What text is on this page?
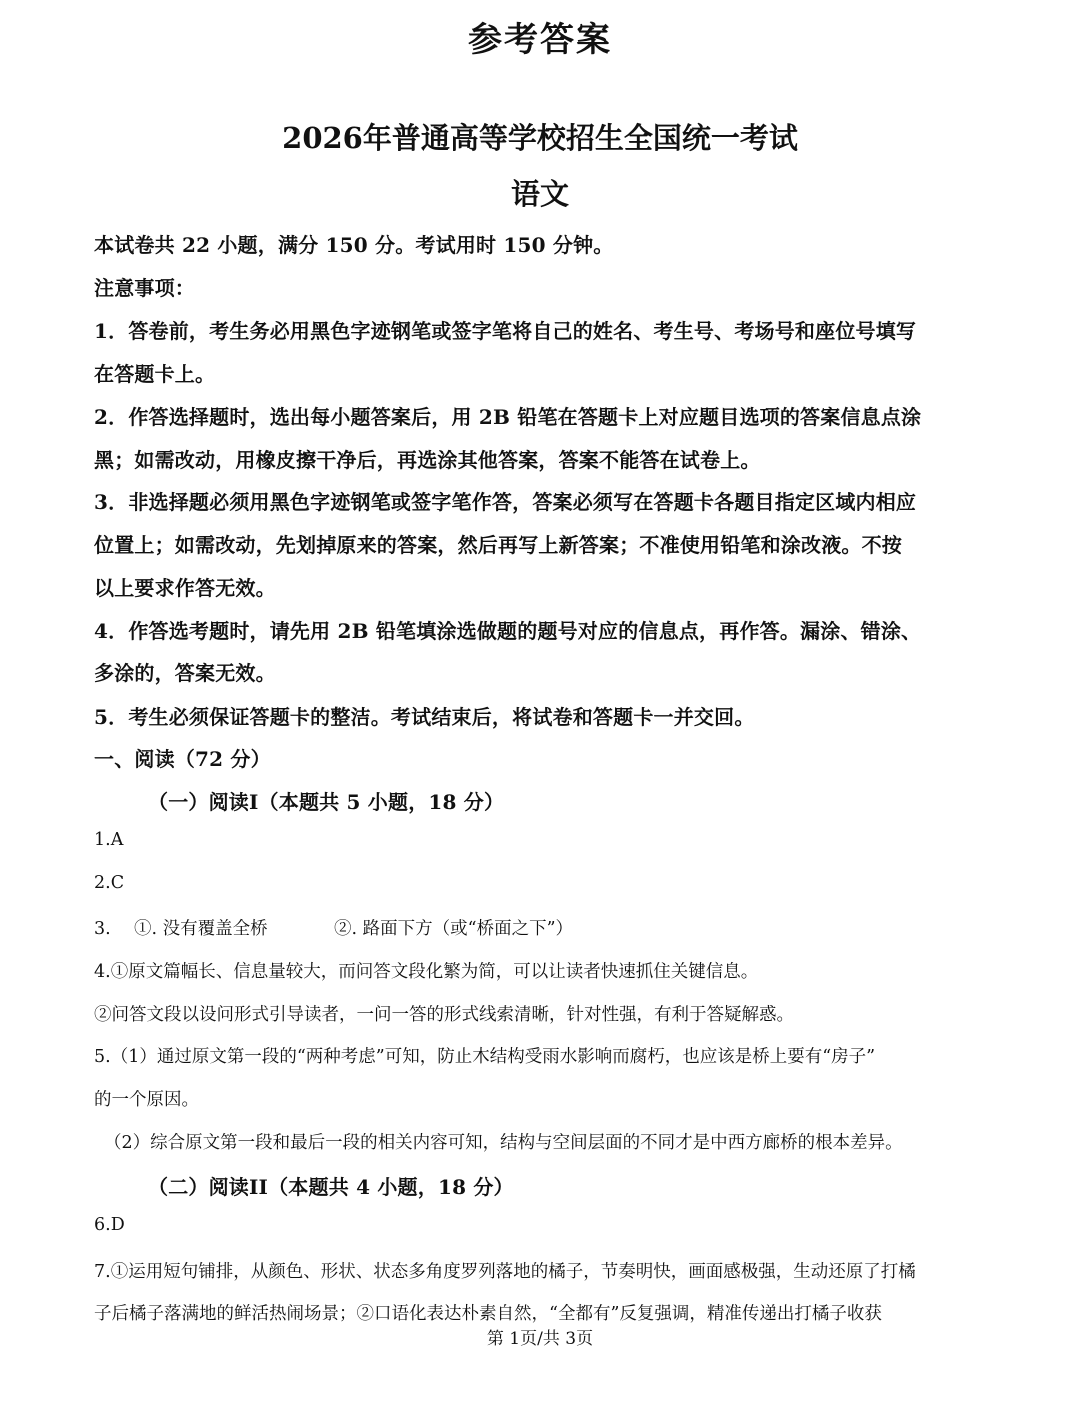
参考答案
2026年普通高等学校招生全国统一考试
语文
本试卷共 22 小题，满分 150 分。考试用时 150 分钟。
注意事项：
1．答卷前，考生务必用黑色字迹钢笔或签字笔将自己的姓名、考生号、考场号和座位号填写
在答题卡上。
2．作答选择题时，选出每小题答案后，用 2B 铅笔在答题卡上对应题目选项的答案信息点涂
黑；如需改动，用橡皮擦干净后，再选涂其他答案，答案不能答在试卷上。
3．非选择题必须用黑色字迹钢笔或签字笔作答，答案必须写在答题卡各题目指定区域内相应
位置上；如需改动，先划掉原来的答案，然后再写上新答案；不准使用铅笔和涂改液。不按
以上要求作答无效。
4．作答选考题时，请先用 2B 铅笔填涂选做题的题号对应的信息点，再作答。漏涂、错涂、
多涂的，答案无效。
5．考生必须保证答题卡的整洁。考试结束后，将试卷和答题卡一并交回。
一、阅读（72 分）
（一）阅读I（本题共 5 小题，18 分）
1.A
2.C
3. ①. 没有覆盖全桥	②. 路面下方（或“桥面之下”）
4.①原文篇幅长、信息量较大，而问答文段化繁为简，可以让读者快速抓住关键信息。
②问答文段以设问形式引导读者，一问一答的形式线索清晰，针对性强，有利于答疑解惑。
5.（1）通过原文第一段的“两种考虑”可知，防止木结构受雨水影响而腐朽，也应该是桥上要有“房子”
的一个原因。
（2）综合原文第一段和最后一段的相关内容可知，结构与空间层面的不同才是中西方廊桥的根本差异。
（二）阅读II（本题共 4 小题，18 分）
6.D
7.①运用短句铺排，从颜色、形状、状态多角度罗列落地的橘子，节奏明快，画面感极强，生动还原了打橘
子后橘子落满地的鲜活热闹场景；②口语化表达朴素自然，“全都有”反复强调，精准传递出打橘子收获
第 1页/共 3页
